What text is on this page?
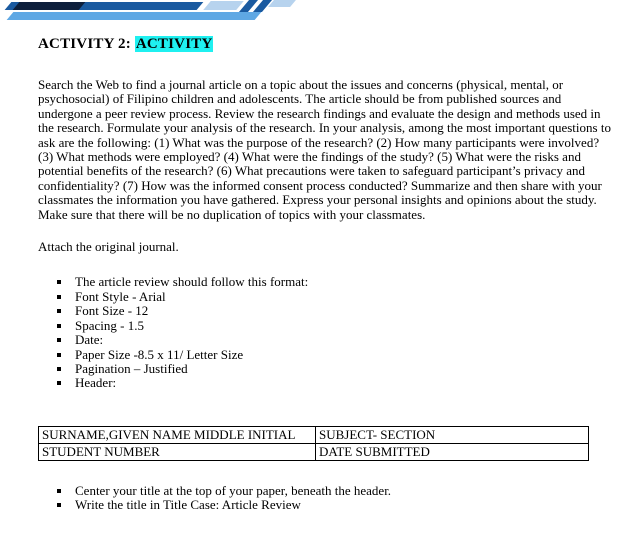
ACTIVITY 2: ACTIVITY

Search the Web to find a journal article on a topic about the issues and concerns (physical, mental, or psychosocial) of Filipino children and adolescents. The article should be from published sources and undergone a peer review process. Review the research findings and evaluate the design and methods used in the research. Formulate your analysis of the research. In your analysis, among the most important questions to ask are the following: (1) What was the purpose of the research? (2) How many participants were involved? (3) What methods were employed? (4) What were the findings of the study? (5) What were the risks and potential benefits of the research? (6) What precautions were taken to safeguard participant’s privacy and confidentiality? (7) How was the informed consent process conducted? Summarize and then share with your classmates the information you have gathered. Express your personal insights and opinions about the study. Make sure that there will be no duplication of topics with your classmates.

Attach the original journal.

The article review should follow this format:
Font Style - Arial
Font Size - 12
Spacing - 1.5
Date:
Paper Size -8.5 x 11/ Letter Size
Pagination – Justified
Header:
SURNAME,GIVEN NAME MIDDLE INITIAL	SUBJECT- SECTION
STUDENT NUMBER	DATE SUBMITTED
Center your title at the top of your paper, beneath the header.
Write the title in Title Case: Article Review
